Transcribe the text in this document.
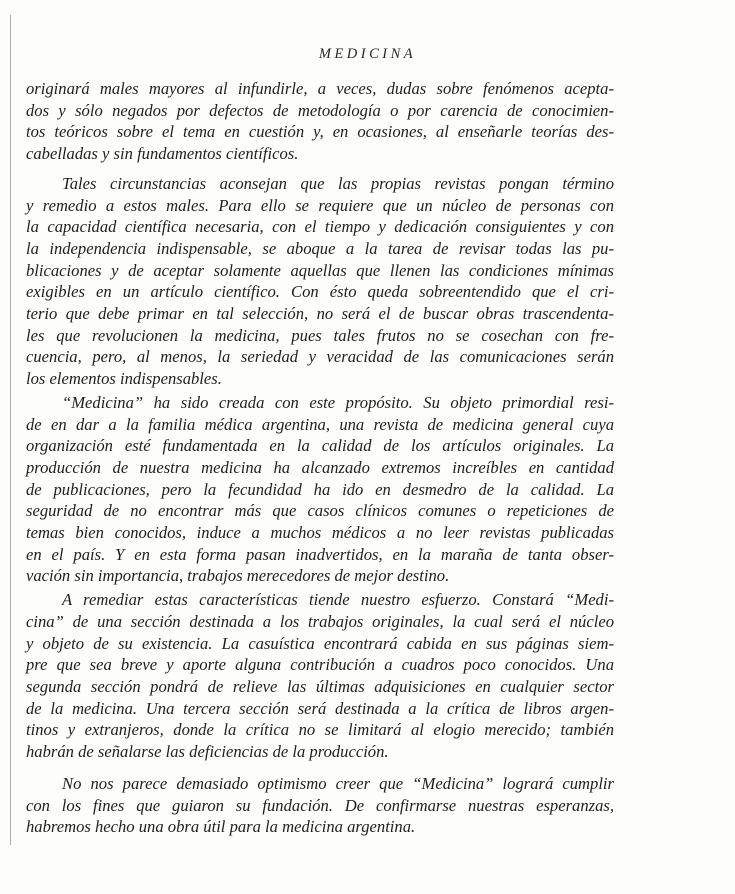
MEDICINA

originará males mayores al infundirle, a veces, dudas sobre fenómenos acepta-
dos y sólo negados por defectos de metodología o por carencia de conocimien-
tos teóricos sobre el tema en cuestión y, en ocasiones, al enseñarle teorías des-
cabelladas y sin fundamentos científicos.

Tales circunstancias aconsejan que las propias revistas pongan término
y remedio a estos males. Para ello se requiere que un núcleo de personas con
la capacidad científica necesaria, con el tiempo y dedicación consiguientes y con
la independencia indispensable, se aboque a la tarea de revisar todas las pu-
blicaciones y de aceptar solamente aquellas que llenen las condiciones mínimas
exigibles en un artículo científico. Con ésto queda sobreentendido que el cri-
terio que debe primar en tal selección, no será el de buscar obras trascendenta-
les que revolucionen la medicina, pues tales frutos no se cosechan con fre-
cuencia, pero, al menos, la seriedad y veracidad de las comunicaciones serán
los elementos indispensables.

“Medicina” ha sido creada con este propósito. Su objeto primordial resi-
de en dar a la familia médica argentina, una revista de medicina general cuya
organización esté fundamentada en la calidad de los artículos originales. La
producción de nuestra medicina ha alcanzado extremos increíbles en cantidad
de publicaciones, pero la fecundidad ha ido en desmedro de la calidad. La
seguridad de no encontrar más que casos clínicos comunes o repeticiones de
temas bien conocidos, induce a muchos médicos a no leer revistas publicadas
en el país. Y en esta forma pasan inadvertidos, en la maraña de tanta obser-
vación sin importancia, trabajos merecedores de mejor destino.

A remediar estas características tiende nuestro esfuerzo. Constará “Medi-
cina” de una sección destinada a los trabajos originales, la cual será el núcleo
y objeto de su existencia. La casuística encontrará cabida en sus páginas siem-
pre que sea breve y aporte alguna contribución a cuadros poco conocidos. Una
segunda sección pondrá de relieve las últimas adquisiciones en cualquier sector
de la medicina. Una tercera sección será destinada a la crítica de libros argen-
tinos y extranjeros, donde la crítica no se limitará al elogio merecido; también
habrán de señalarse las deficiencias de la producción.

No nos parece demasiado optimismo creer que “Medicina” logrará cumplir
con los fines que guiaron su fundación. De confirmarse nuestras esperanzas,
habremos hecho una obra útil para la medicina argentina.
